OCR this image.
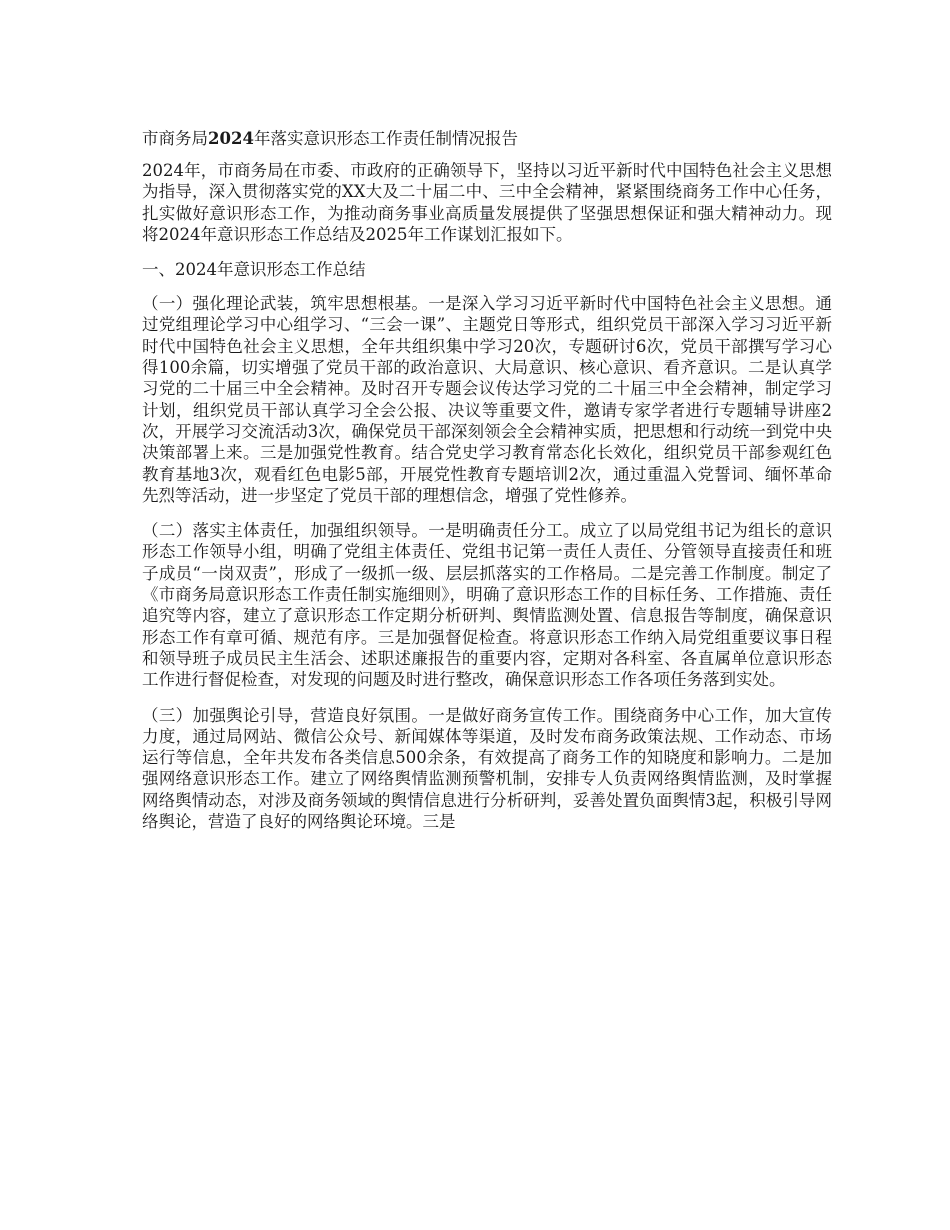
市商务局2024年落实意识形态工作责任制情况报告

2024年，市商务局在市委、市政府的正确领导下，坚持以习近平新时代中国特色社会主义思想为指导，深入贯彻落实党的XX大及二十届二中、三中全会精神，紧紧围绕商务工作中心任务，扎实做好意识形态工作，为推动商务事业高质量发展提供了坚强思想保证和强大精神动力。现将2024年意识形态工作总结及2025年工作谋划汇报如下。

一、2024年意识形态工作总结

（一）强化理论武装，筑牢思想根基。一是深入学习习近平新时代中国特色社会主义思想。通过党组理论学习中心组学习、“三会一课”、主题党日等形式，组织党员干部深入学习习近平新时代中国特色社会主义思想，全年共组织集中学习20次，专题研讨6次，党员干部撰写学习心得100余篇，切实增强了党员干部的政治意识、大局意识、核心意识、看齐意识。二是认真学习党的二十届三中全会精神。及时召开专题会议传达学习党的二十届三中全会精神，制定学习计划，组织党员干部认真学习全会公报、决议等重要文件，邀请专家学者进行专题辅导讲座2次，开展学习交流活动3次，确保党员干部深刻领会全会精神实质，把思想和行动统一到党中央决策部署上来。三是加强党性教育。结合党史学习教育常态化长效化，组织党员干部参观红色教育基地3次，观看红色电影5部，开展党性教育专题培训2次，通过重温入党誓词、缅怀革命先烈等活动，进一步坚定了党员干部的理想信念，增强了党性修养。

（二）落实主体责任，加强组织领导。一是明确责任分工。成立了以局党组书记为组长的意识形态工作领导小组，明确了党组主体责任、党组书记第一责任人责任、分管领导直接责任和班子成员“一岗双责”，形成了一级抓一级、层层抓落实的工作格局。二是完善工作制度。制定了《市商务局意识形态工作责任制实施细则》，明确了意识形态工作的目标任务、工作措施、责任追究等内容，建立了意识形态工作定期分析研判、舆情监测处置、信息报告等制度，确保意识形态工作有章可循、规范有序。三是加强督促检查。将意识形态工作纳入局党组重要议事日程和领导班子成员民主生活会、述职述廉报告的重要内容，定期对各科室、各直属单位意识形态工作进行督促检查，对发现的问题及时进行整改，确保意识形态工作各项任务落到实处。

（三）加强舆论引导，营造良好氛围。一是做好商务宣传工作。围绕商务中心工作，加大宣传力度，通过局网站、微信公众号、新闻媒体等渠道，及时发布商务政策法规、工作动态、市场运行等信息，全年共发布各类信息500余条，有效提高了商务工作的知晓度和影响力。二是加强网络意识形态工作。建立了网络舆情监测预警机制，安排专人负责网络舆情监测，及时掌握网络舆情动态，对涉及商务领域的舆情信息进行分析研判，妥善处置负面舆情3起，积极引导网络舆论，营造了良好的网络舆论环境。三是
